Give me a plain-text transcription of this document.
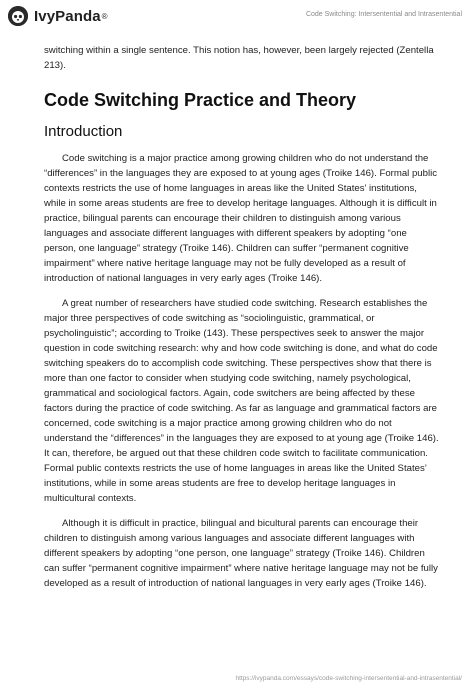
IvyPanda ®	Code Switching: Intersentential and Intrasentential

switching within a single sentence. This notion has, however, been largely rejected (Zentella 213).

Code Switching Practice and Theory
Introduction

Code switching is a major practice among growing children who do not understand the “differences” in the languages they are exposed to at young ages (Troike 146). Formal public contexts restricts the use of home languages in areas like the United States’ institutions, while in some areas students are free to develop heritage languages. Although it is difficult in practice, bilingual parents can encourage their children to distinguish among various languages and associate different languages with different speakers by adopting “one person, one language” strategy (Troike 146). Children can suffer “permanent cognitive impairment” where native heritage language may not be fully developed as a result of introduction of national languages in very early ages (Troike 146).

A great number of researchers have studied code switching. Research establishes the major three perspectives of code switching as “sociolinguistic, grammatical, or psycholinguistic”; according to Troike (143). These perspectives seek to answer the major question in code switching research: why and how code switching is done, and what do code switching speakers do to accomplish code switching. These perspectives show that there is more than one factor to consider when studying code switching, namely psychological, grammatical and sociological factors. Again, code switchers are being affected by these factors during the practice of code switching. As far as language and grammatical factors are concerned, code switching is a major practice among growing children who do not understand the “differences” in the languages they are exposed to at young age (Troike 146). It can, therefore, be argued out that these children code switch to facilitate communication. Formal public contexts restricts the use of home languages in areas like the United States’ institutions, while in some areas students are free to develop heritage languages in multicultural contexts.

Although it is difficult in practice, bilingual and bicultural parents can encourage their children to distinguish among various languages and associate different languages with different speakers by adopting “one person, one language” strategy (Troike 146). Children can suffer “permanent cognitive impairment” where native heritage language may not be fully developed as a result of introduction of national languages in very early ages (Troike 146).

https://ivypanda.com/essays/code-switching-intersentential-and-intrasentential/
